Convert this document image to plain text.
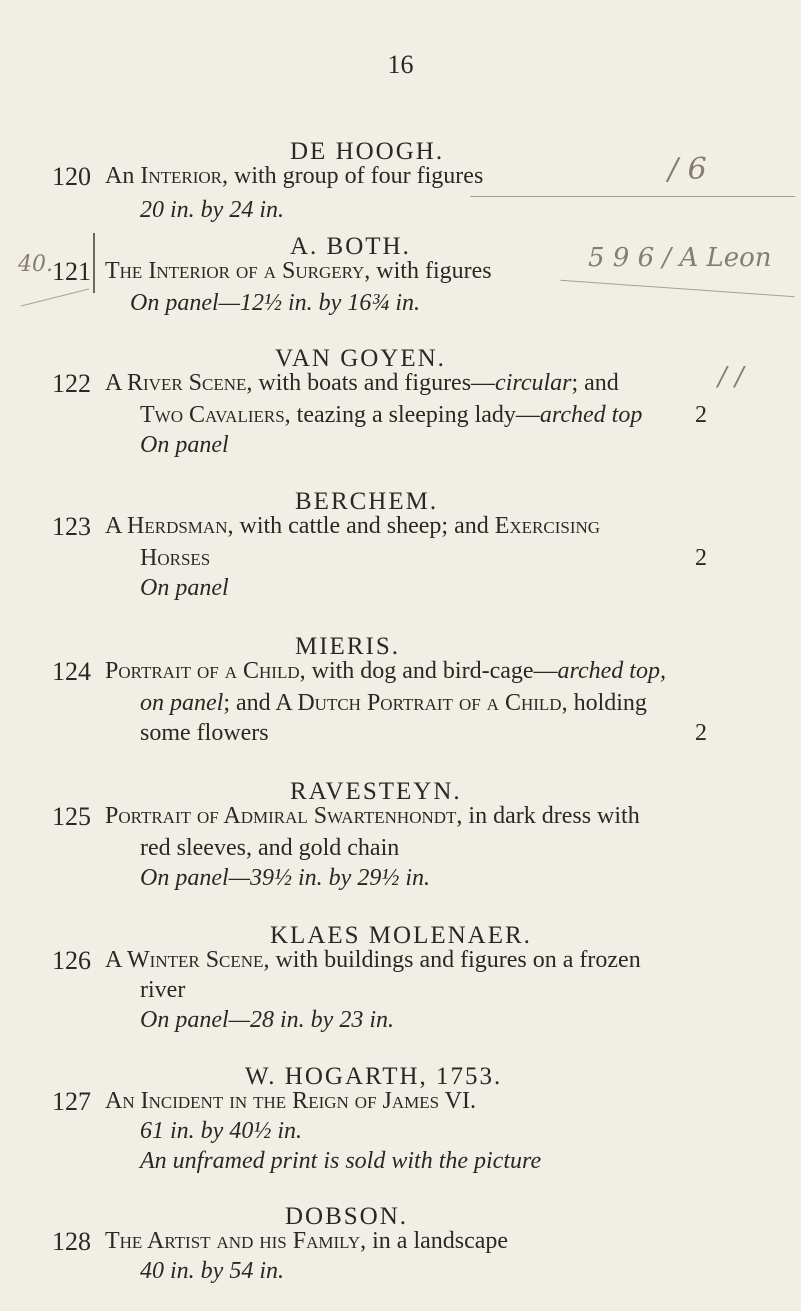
16
/ 6
40.	5 9 6 / A Leon
/ /
DE HOOGH.
120 An Interior, with group of four figures
20 in. by 24 in.
A. BOTH.
121 The Interior of a Surgery, with figures
On panel—12½ in. by 16¾ in.
VAN GOYEN.
122 A River Scene, with boats and figures—circular; and
Two Cavaliers, teazing a sleeping lady—arched top
On panel
2
BERCHEM.
123 A Herdsman, with cattle and sheep; and Exercising
Horses
On panel
2
MIERIS.
124 Portrait of a Child, with dog and bird-cage—arched top,
on panel; and A Dutch Portrait of a Child, holding
some flowers	2
RAVESTEYN.
125 Portrait of Admiral Swartenhondt, in dark dress with
red sleeves, and gold chain
On panel—39½ in. by 29½ in.
KLAES MOLENAER.
126 A Winter Scene, with buildings and figures on a frozen
river
On panel—28 in. by 23 in.
W. HOGARTH, 1753.
127 An Incident in the Reign of James VI.
61 in. by 40½ in.
An unframed print is sold with the picture
DOBSON.
128 The Artist and his Family, in a landscape
40 in. by 54 in.
